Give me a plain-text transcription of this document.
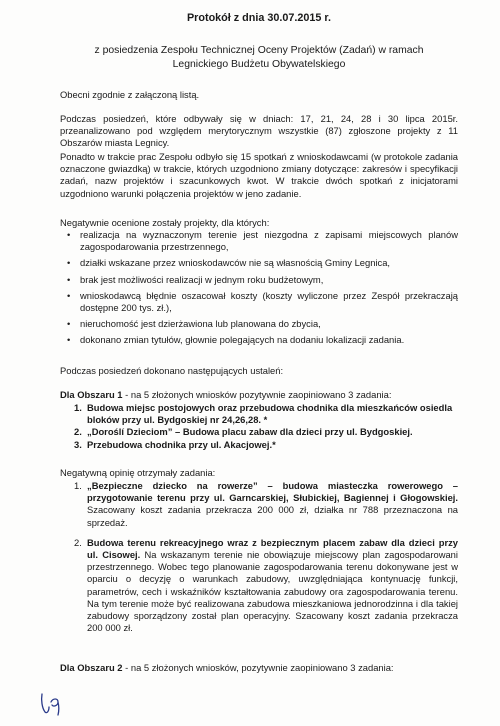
Protokół z dnia 30.07.2015 r.
z posiedzenia Zespołu Technicznej Oceny Projektów (Zadań) w ramach
Legnickiego Budżetu Obywatelskiego

Obecni zgodnie z załączoną listą.

Podczas posiedzeń, które odbywały się w dniach: 17, 21, 24, 28 i 30 lipca 2015r. przeanalizowano pod względem merytorycznym wszystkie (87) zgłoszone projekty z 11 Obszarów miasta Legnicy.

Ponadto w trakcie prac Zespołu odbyło się 15 spotkań z wnioskodawcami (w protokole zadania oznaczone gwiazdką) w trakcie, których uzgodniono zmiany dotyczące: zakresów i specyfikacji zadań, nazw projektów i szacunkowych kwot. W trakcie dwóch spotkań z inicjatorami uzgodniono warunki połączenia projektów w jeno zadanie.

Negatywnie ocenione zostały projekty, dla których:

• realizacja na wyznaczonym terenie jest niezgodna z zapisami miejscowych planów zagospodarowania przestrzennego,
• działki wskazane przez wnioskodawców nie są własnością Gminy Legnica,
• brak jest możliwości realizacji w jednym roku budżetowym,
• wnioskodawcą błędnie oszacował koszty (koszty wyliczone przez Zespół przekraczają dostępne 200 tys. zł.),
• nieruchomość jest dzierżawiona lub planowana do zbycia,
• dokonano zmian tytułów, głownie polegających na dodaniu lokalizacji zadania.

Podczas posiedzeń dokonano następujących ustaleń:

Dla Obszaru 1 - na 5 złożonych wniosków pozytywnie zaopiniowano 3 zadania:

1. Budowa miejsc postojowych oraz przebudowa chodnika dla mieszkańców osiedla bloków przy ul. Bydgoskiej nr 24,26,28. *
2. „Doroślí Dzieciom” – Budowa placu zabaw dla dzieci przy ul. Bydgoskiej.
3. Przebudowa chodnika przy ul. Akacjowej.*

Negatywną opinię otrzymały zadania:

1. „Bezpieczne dziecko na rowerze” – budowa miasteczka rowerowego – przygotowanie terenu przy ul. Garncarskiej, Słubickiej, Bagiennej i Głogowskiej. Szacowany koszt zadania przekracza 200 000 zł, działka nr 788 przeznaczona na sprzedaż.
2. Budowa terenu rekreacyjnego wraz z bezpiecznym placem zabaw dla dzieci przy ul. Cisowej. Na wskazanym terenie nie obowiązuje miejscowy plan zagospodarowani przestrzennego. Wobec tego planowanie zagospodarowania terenu dokonywane jest w oparciu o decyzję o warunkach zabudowy, uwzględniająca kontynuację funkcji, parametrów, cech i wskaźników kształtowania zabudowy ora zagospodarowania terenu. Na tym terenie może być realizowana zabudowa mieszkaniowa jednorodzinna i dla takiej zabudowy sporządzony został plan operacyjny. Szacowany koszt zadania przekracza 200 000 zł.

Dla Obszaru 2 - na 5 złożonych wniosków, pozytywnie zaopiniowano 3 zadania:
